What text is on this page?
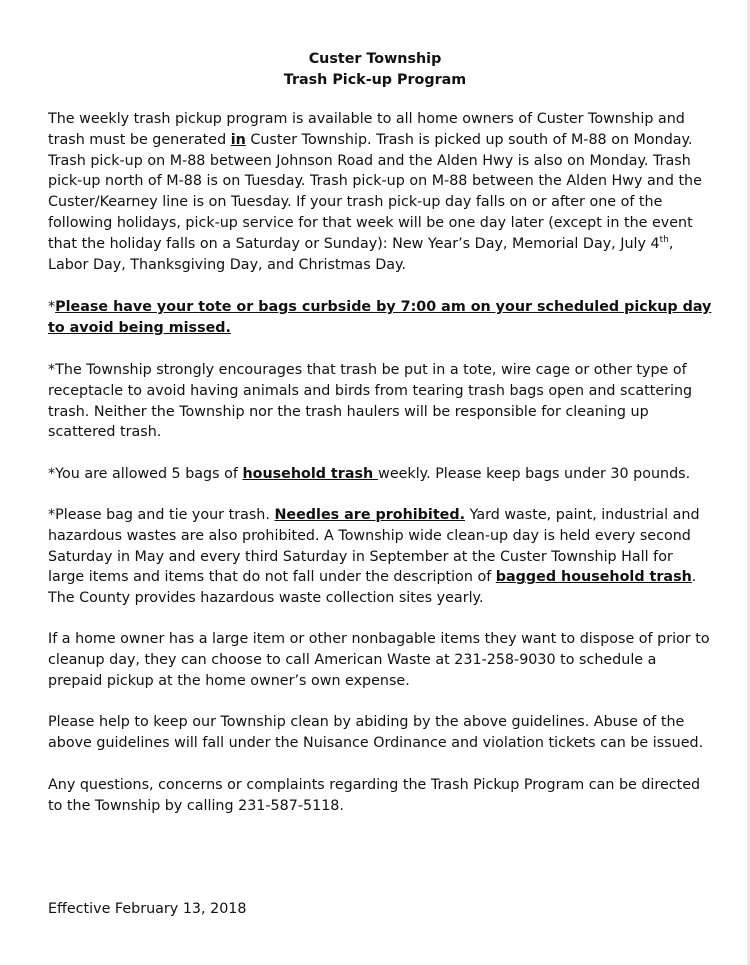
Custer Township
Trash Pick-up Program

The weekly trash pickup program is available to all home owners of Custer Township and trash must be generated in Custer Township. Trash is picked up south of M-88 on Monday. Trash pick-up on M-88 between Johnson Road and the Alden Hwy is also on Monday. Trash pick-up north of M-88 is on Tuesday. Trash pick-up on M-88 between the Alden Hwy and the Custer/Kearney line is on Tuesday. If your trash pick-up day falls on or after one of the following holidays, pick-up service for that week will be one day later (except in the event that the holiday falls on a Saturday or Sunday): New Year’s Day, Memorial Day, July 4th, Labor Day, Thanksgiving Day, and Christmas Day.

*Please have your tote or bags curbside by 7:00 am on your scheduled pickup day to avoid being missed.

*The Township strongly encourages that trash be put in a tote, wire cage or other type of receptacle to avoid having animals and birds from tearing trash bags open and scattering trash. Neither the Township nor the trash haulers will be responsible for cleaning up scattered trash.

*You are allowed 5 bags of household trash weekly. Please keep bags under 30 pounds.

*Please bag and tie your trash. Needles are prohibited. Yard waste, paint, industrial and hazardous wastes are also prohibited. A Township wide clean-up day is held every second Saturday in May and every third Saturday in September at the Custer Township Hall for large items and items that do not fall under the description of bagged household trash. The County provides hazardous waste collection sites yearly.

If a home owner has a large item or other nonbagable items they want to dispose of prior to cleanup day, they can choose to call American Waste at 231-258-9030 to schedule a prepaid pickup at the home owner’s own expense.

Please help to keep our Township clean by abiding by the above guidelines. Abuse of the above guidelines will fall under the Nuisance Ordinance and violation tickets can be issued.

Any questions, concerns or complaints regarding the Trash Pickup Program can be directed to the Township by calling 231-587-5118.

Effective February 13, 2018
